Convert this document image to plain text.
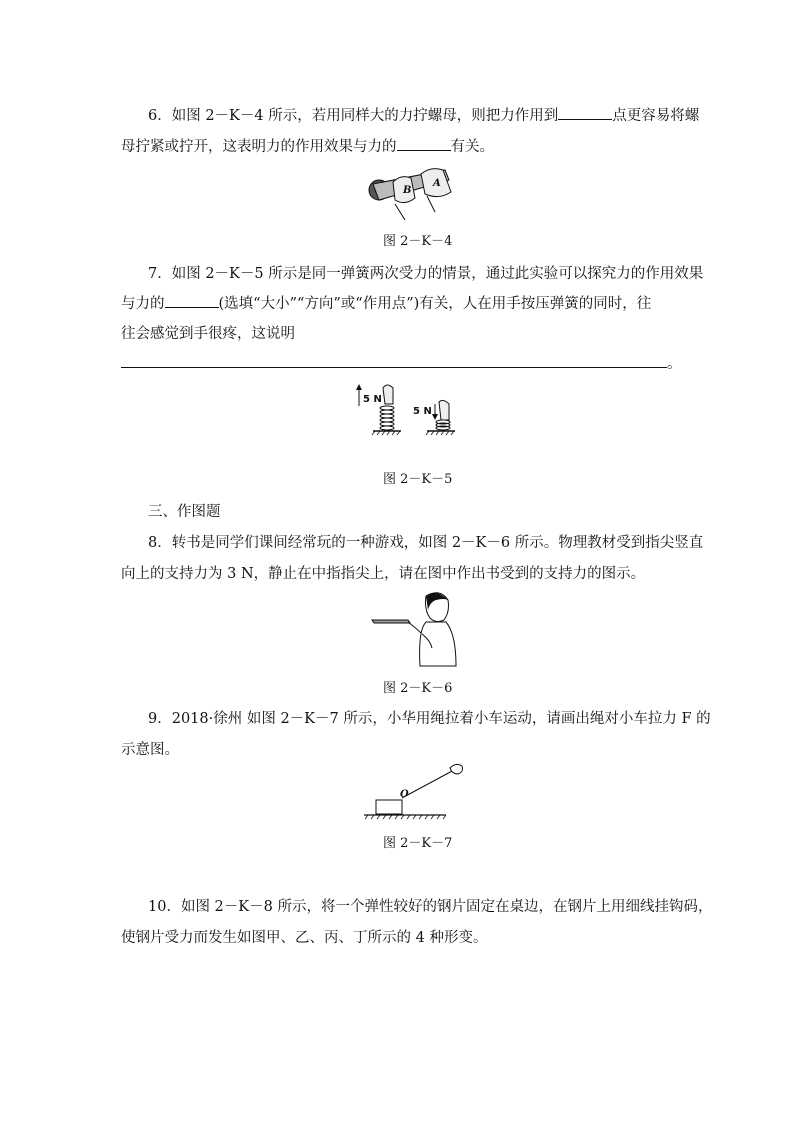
6．如图 2－K－4 所示，若用同样大的力拧螺母，则把力作用到	点更容易将螺
母拧紧或拧开，这表明力的作用效果与力的	有关。
B
A
图 2－K－4
7．如图 2－K－5 所示是同一弹簧两次受力的情景，通过此实验可以探究力的作用效果
与力的	(选填“大小”“方向”或“作用点”)有关，人在用手按压弹簧的同时，往
往会感觉到手很疼，这说明
。
5 N
5 N
图 2－K－5
三、作图题
8．转书是同学们课间经常玩的一种游戏，如图 2－K－6 所示。物理教材受到指尖竖直
向上的支持力为 3 N，静止在中指指尖上，请在图中作出书受到的支持力的图示。
图 2－K－6
9．2018·徐州 如图 2－K－7 所示，小华用绳拉着小车运动，请画出绳对小车拉力 F 的
示意图。
O
图 2－K－7
10．如图 2－K－8 所示，将一个弹性较好的钢片固定在桌边，在钢片上用细线挂钩码，
使钢片受力而发生如图甲、乙、丙、丁所示的 4 种形变。
